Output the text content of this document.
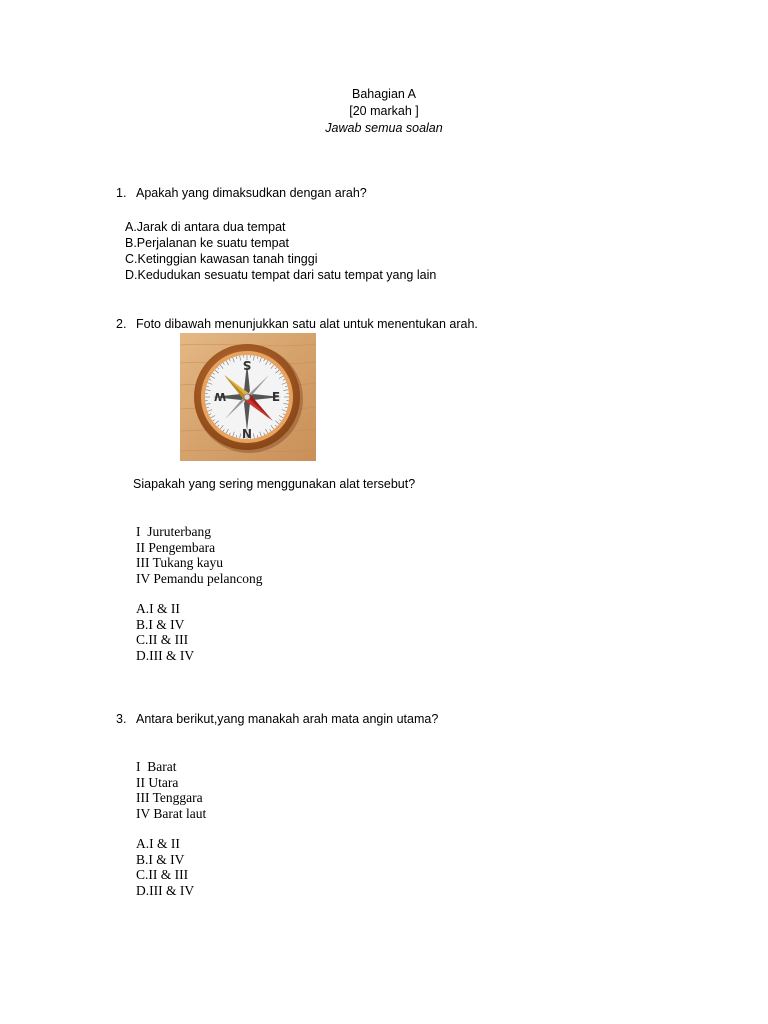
Bahagian A
[20 markah ]
Jawab semua soalan
1. Apakah yang dimaksudkan dengan arah?
A.Jarak di antara dua tempat
B.Perjalanan ke suatu tempat
C.Ketinggian kawasan tanah tinggi
D.Kedudukan sesuatu tempat dari satu tempat yang lain
2. Foto dibawah menunjukkan satu alat untuk menentukan arah.
S
N
E
W
Siapakah yang sering menggunakan alat tersebut?
I  Juruterbang
II Pengembara
III Tukang kayu
IV Pemandu pelancong
A.I & II
B.I & IV
C.II & III
D.III & IV
3. Antara berikut,yang manakah arah mata angin utama?
I  Barat
II Utara
III Tenggara
IV Barat laut
A.I & II
B.I & IV
C.II & III
D.III & IV
